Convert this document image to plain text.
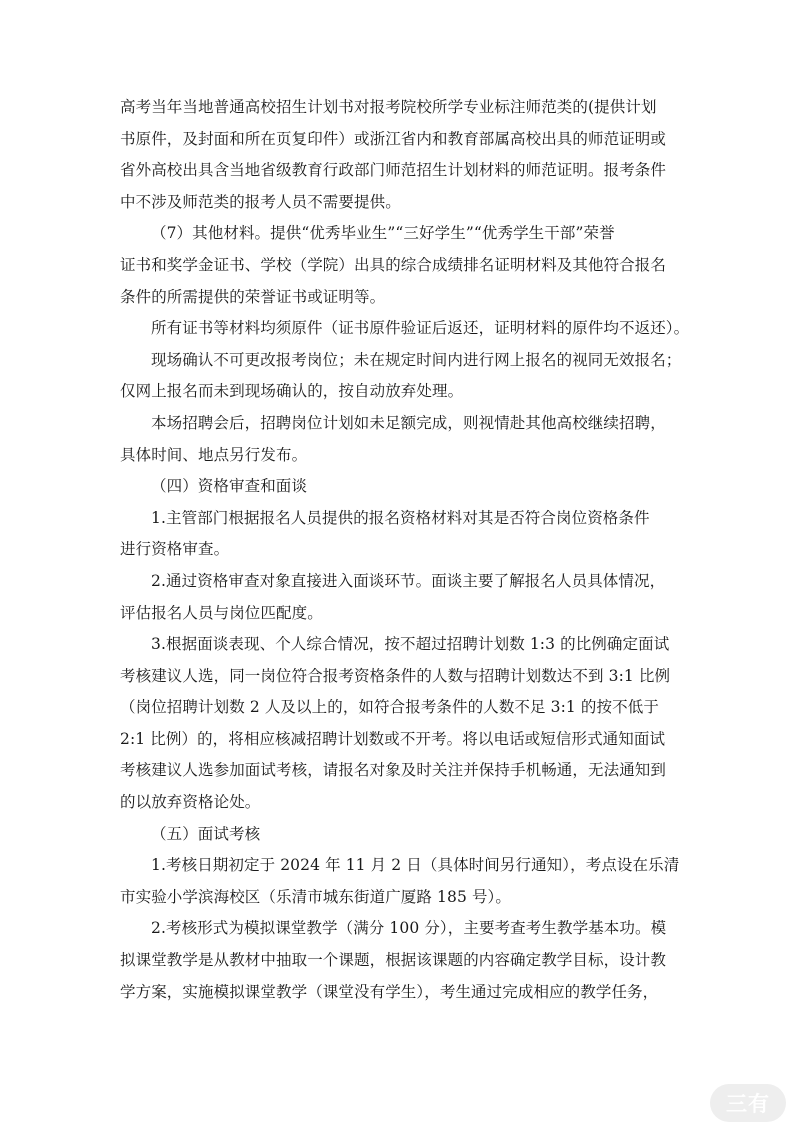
高考当年当地普通高校招生计划书对报考院校所学专业标注师范类的(提供计划
书原件，及封面和所在页复印件）或浙江省内和教育部属高校出具的师范证明或
省外高校出具含当地省级教育行政部门师范招生计划材料的师范证明。报考条件
中不涉及师范类的报考人员不需要提供。
（7）其他材料。提供“优秀毕业生”“三好学生”“优秀学生干部”荣誉
证书和奖学金证书、学校（学院）出具的综合成绩排名证明材料及其他符合报名
条件的所需提供的荣誉证书或证明等。
所有证书等材料均须原件（证书原件验证后返还，证明材料的原件均不返还）。
现场确认不可更改报考岗位；未在规定时间内进行网上报名的视同无效报名；
仅网上报名而未到现场确认的，按自动放弃处理。
本场招聘会后，招聘岗位计划如未足额完成，则视情赴其他高校继续招聘，
具体时间、地点另行发布。
（四）资格审查和面谈
1.主管部门根据报名人员提供的报名资格材料对其是否符合岗位资格条件
进行资格审查。
2.通过资格审查对象直接进入面谈环节。面谈主要了解报名人员具体情况，
评估报名人员与岗位匹配度。
3.根据面谈表现、个人综合情况，按不超过招聘计划数 1:3 的比例确定面试
考核建议人选，同一岗位符合报考资格条件的人数与招聘计划数达不到 3:1 比例
（岗位招聘计划数 2 人及以上的，如符合报考条件的人数不足 3:1 的按不低于
2:1 比例）的，将相应核减招聘计划数或不开考。将以电话或短信形式通知面试
考核建议人选参加面试考核，请报名对象及时关注并保持手机畅通，无法通知到
的以放弃资格论处。
（五）面试考核
1.考核日期初定于 2024 年 11 月 2 日（具体时间另行通知），考点设在乐清
市实验小学滨海校区（乐清市城东街道广厦路 185 号）。
2.考核形式为模拟课堂教学（满分 100 分），主要考查考生教学基本功。模
拟课堂教学是从教材中抽取一个课题，根据该课题的内容确定教学目标，设计教
学方案，实施模拟课堂教学（课堂没有学生），考生通过完成相应的教学任务，
三有
